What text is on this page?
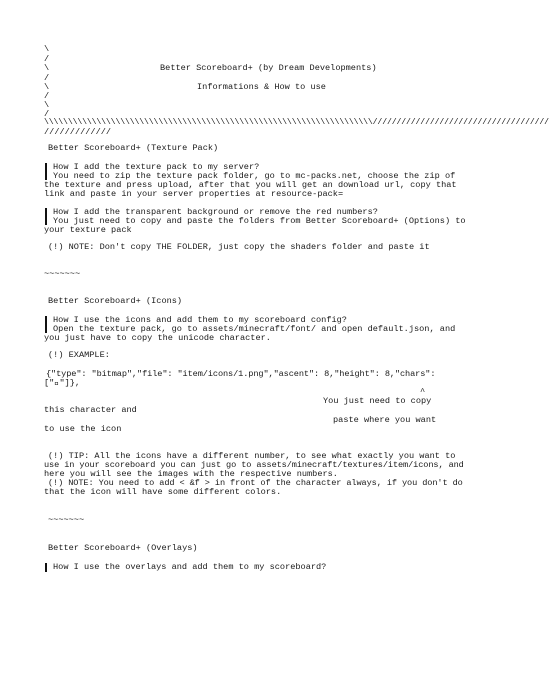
\

/

\

/

\

/

\

/

Better Scoreboard+ (by Dream Developments)

Informations & How to use

\\\\\\\\\\\\\\\\\\\\\\\\\\\\\\\\\\\\\\\\\\\\\\\\\\\\\\\\\\\\\\\\\\\\\/////////////////////////////////////

/////////////

Better Scoreboard+ (Texture Pack)

How I add the texture pack to my server?

You need to zip the texture pack folder, go to mc-packs.net, choose the zip of

the texture and press upload, after that you will get an download url, copy that

link and paste in your server properties at resource-pack=

How I add the transparent background or remove the red numbers?

You just need to copy and paste the folders from Better Scoreboard+ (Options) to

your texture pack

(!) NOTE: Don't copy THE FOLDER, just copy the shaders folder and paste it

~~~~~~~

Better Scoreboard+ (Icons)

How I use the icons and add them to my scoreboard config?

Open the texture pack, go to assets/minecraft/font/ and open default.json, and

you just have to copy the unicode character.

(!) EXAMPLE:

{"type": "bitmap","file": "item/icons/1.png","ascent": 8,"height": 8,"chars":

[" "]},

^

You just need to copy

this character and

paste where you want

to use the icon

(!) TIP: All the icons have a different number, to see what exactly you want to

use in your scoreboard you can just go to assets/minecraft/textures/item/icons, and

here you will see the images with the respective numbers.

(!) NOTE: You need to add < &f > in front of the character always, if you don't do

that the icon will have some different colors.

~~~~~~~

Better Scoreboard+ (Overlays)

How I use the overlays and add them to my scoreboard?
